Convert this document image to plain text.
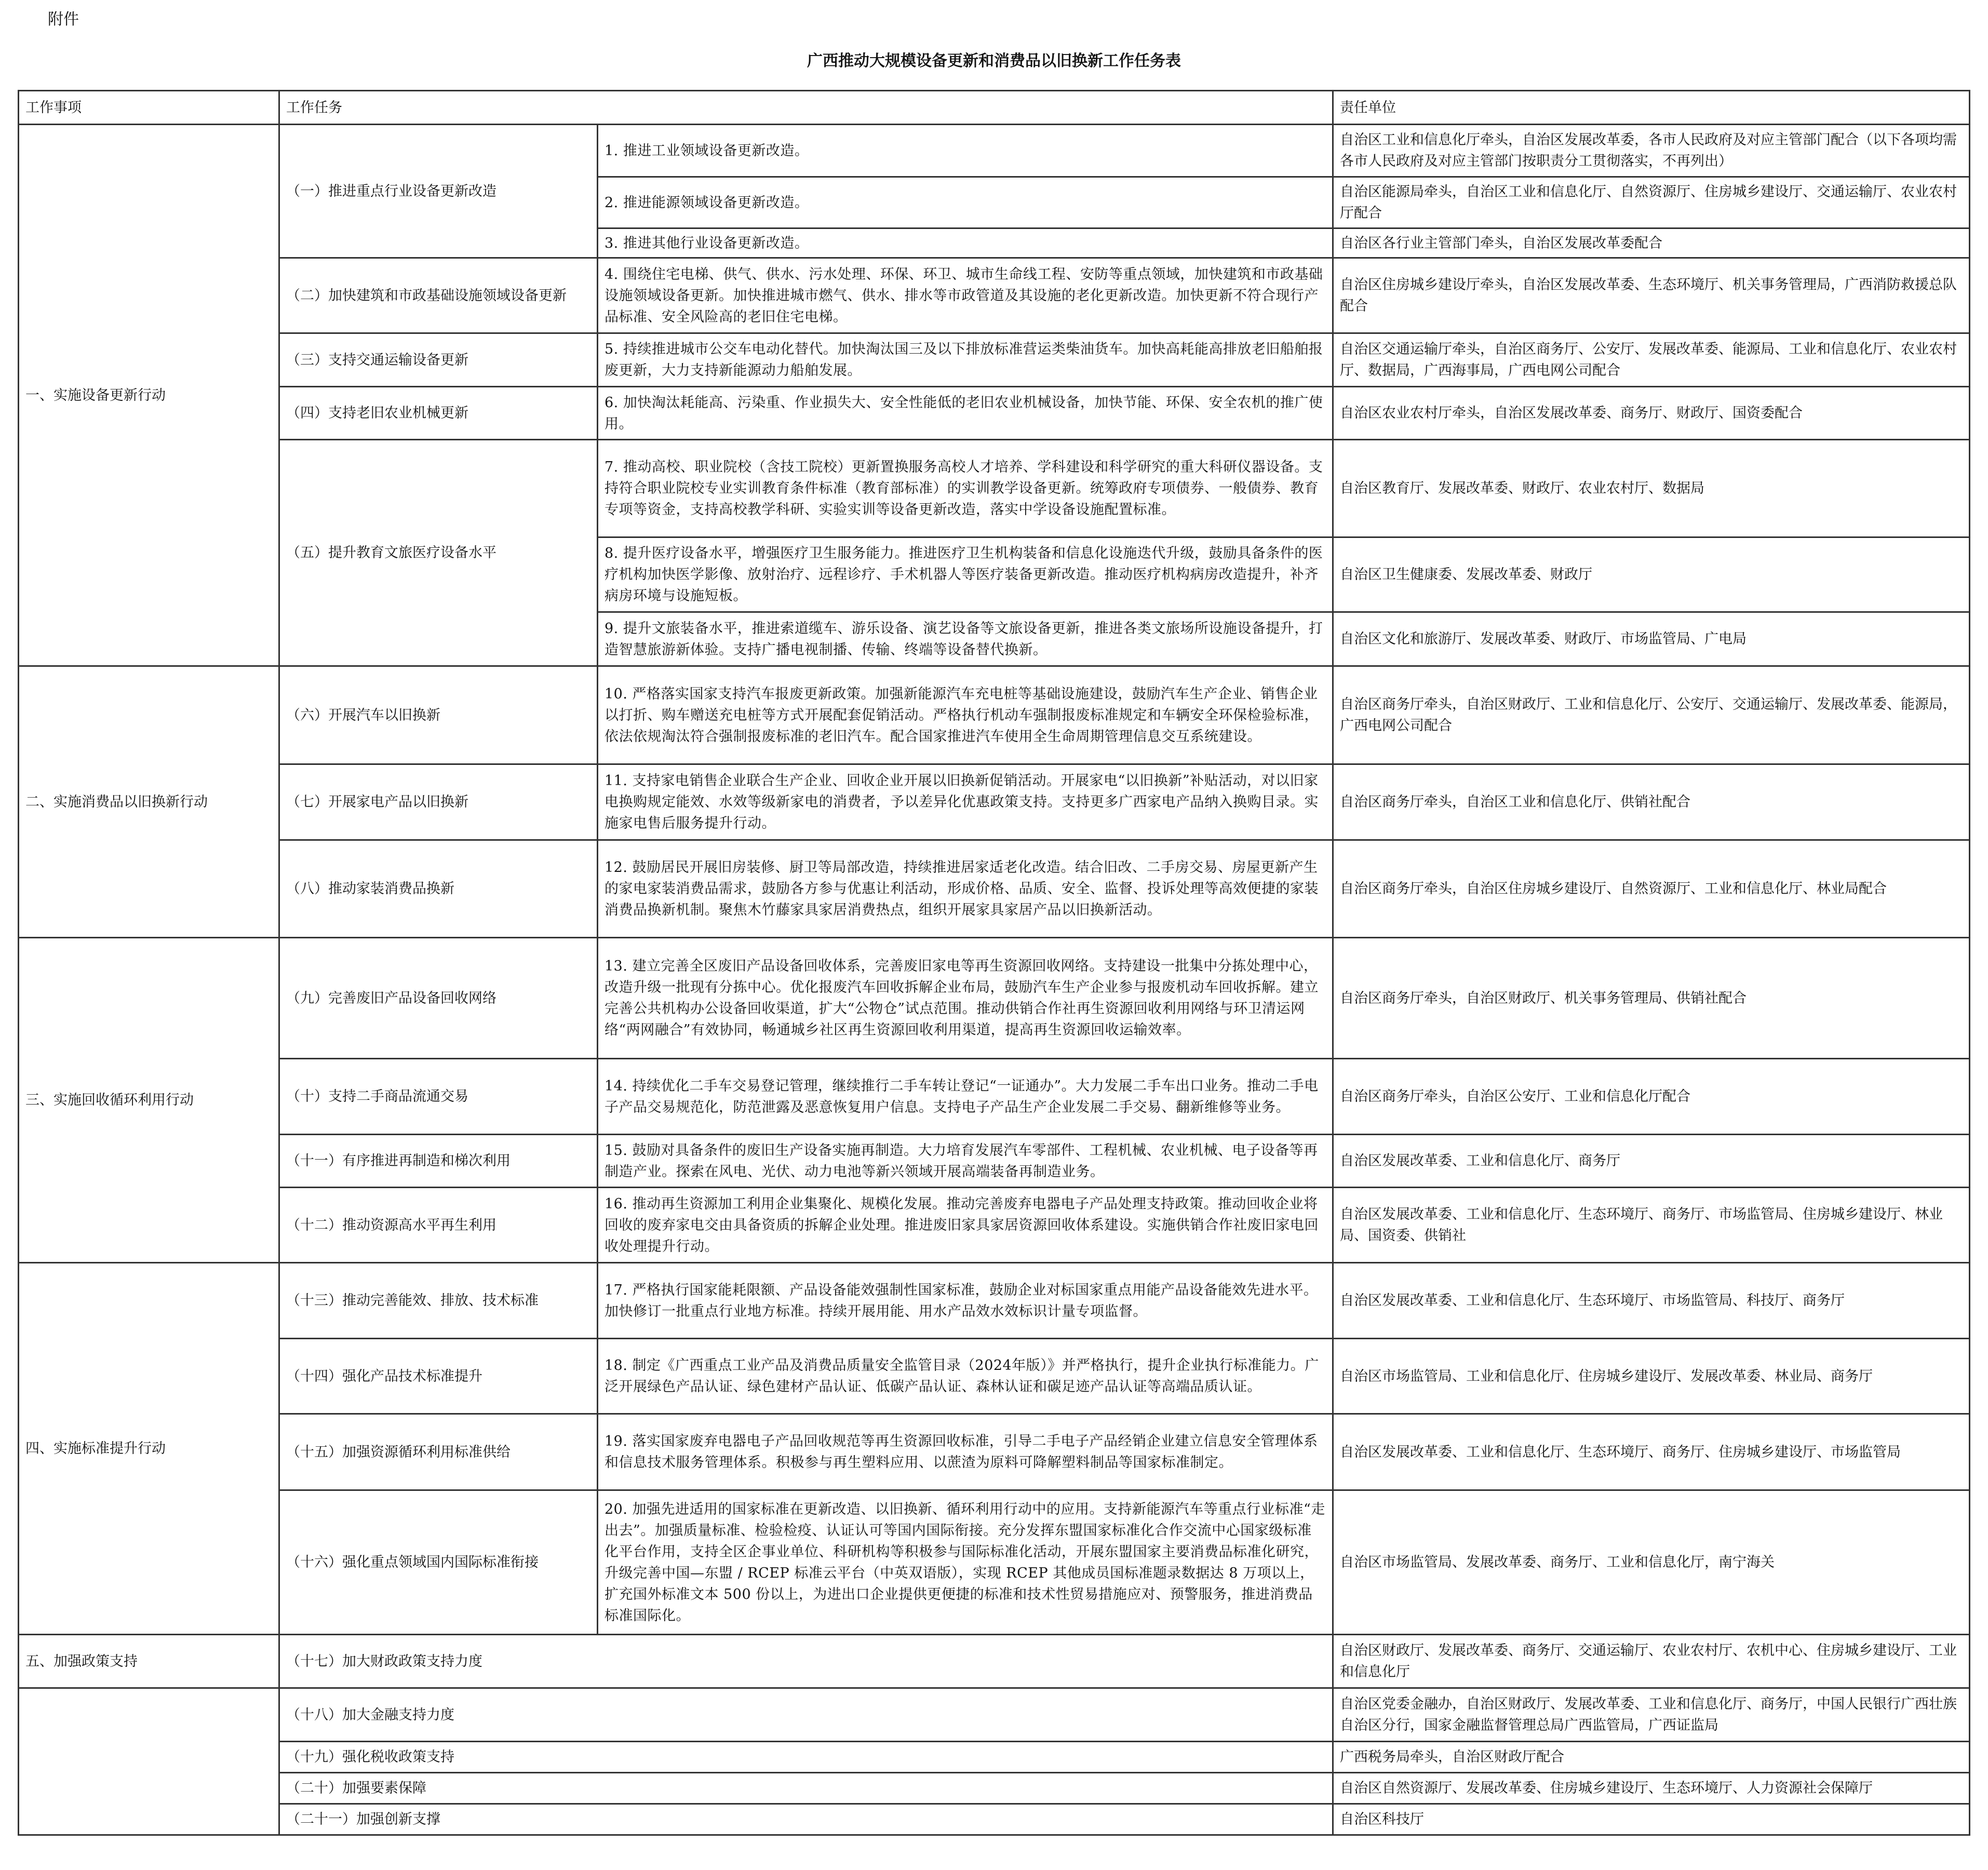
附件
广西推动大规模设备更新和消费品以旧换新工作任务表
工作事项	工作任务		责任单位
一、实施设备更新行动	（一）推进重点行业设备更新改造	1. 推进工业领域设备更新改造。	自治区工业和信息化厅牵头，自治区发展改革委，各市人民政府及对应主管部门配合（以下各项均需各市人民政府及对应主管部门按职责分工贯彻落实，不再列出）
		2. 推进能源领域设备更新改造。	自治区能源局牵头，自治区工业和信息化厅、自然资源厅、住房城乡建设厅、交通运输厅、农业农村厅配合
		3. 推进其他行业设备更新改造。	自治区各行业主管部门牵头，自治区发展改革委配合
	（二）加快建筑和市政基础设施领域设备更新	4. 围绕住宅电梯、供气、供水、污水处理、环保、环卫、城市生命线工程、安防等重点领域，加快建筑和市政基础设施领域设备更新。加快推进城市燃气、供水、排水等市政管道及其设施的老化更新改造。加快更新不符合现行产品标准、安全风险高的老旧住宅电梯。	自治区住房城乡建设厅牵头，自治区发展改革委、生态环境厅、机关事务管理局，广西消防救援总队配合
	（三）支持交通运输设备更新	5. 持续推进城市公交车电动化替代。加快淘汰国三及以下排放标准营运类柴油货车。加快高耗能高排放老旧船舶报废更新，大力支持新能源动力船舶发展。	自治区交通运输厅牵头，自治区商务厅、公安厅、发展改革委、能源局、工业和信息化厅、农业农村厅、数据局，广西海事局，广西电网公司配合
	（四）支持老旧农业机械更新	6. 加快淘汰耗能高、污染重、作业损失大、安全性能低的老旧农业机械设备，加快节能、环保、安全农机的推广使用。	自治区农业农村厅牵头，自治区发展改革委、商务厅、财政厅、国资委配合
	（五）提升教育文旅医疗设备水平	7. 推动高校、职业院校（含技工院校）更新置换服务高校人才培养、学科建设和科学研究的重大科研仪器设备。支持符合职业院校专业实训教育条件标准（教育部标准）的实训教学设备更新。统筹政府专项债券、一般债券、教育专项等资金，支持高校教学科研、实验实训等设备更新改造，落实中学设备设施配置标准。	自治区教育厅、发展改革委、财政厅、农业农村厅、数据局
		8. 提升医疗设备水平，增强医疗卫生服务能力。推进医疗卫生机构装备和信息化设施迭代升级，鼓励具备条件的医疗机构加快医学影像、放射治疗、远程诊疗、手术机器人等医疗装备更新改造。推动医疗机构病房改造提升，补齐病房环境与设施短板。	自治区卫生健康委、发展改革委、财政厅
		9. 提升文旅装备水平，推进索道缆车、游乐设备、演艺设备等文旅设备更新，推进各类文旅场所设施设备提升，打造智慧旅游新体验。支持广播电视制播、传输、终端等设备替代换新。	自治区文化和旅游厅、发展改革委、财政厅、市场监管局、广电局
二、实施消费品以旧换新行动	（六）开展汽车以旧换新	10. 严格落实国家支持汽车报废更新政策。加强新能源汽车充电桩等基础设施建设，鼓励汽车生产企业、销售企业以打折、购车赠送充电桩等方式开展配套促销活动。严格执行机动车强制报废标准规定和车辆安全环保检验标准，依法依规淘汰符合强制报废标准的老旧汽车。配合国家推进汽车使用全生命周期管理信息交互系统建设。	自治区商务厅牵头，自治区财政厅、工业和信息化厅、公安厅、交通运输厅、发展改革委、能源局，广西电网公司配合
	（七）开展家电产品以旧换新	11. 支持家电销售企业联合生产企业、回收企业开展以旧换新促销活动。开展家电“以旧换新”补贴活动，对以旧家电换购规定能效、水效等级新家电的消费者，予以差异化优惠政策支持。支持更多广西家电产品纳入换购目录。实施家电售后服务提升行动。	自治区商务厅牵头，自治区工业和信息化厅、供销社配合
	（八）推动家装消费品换新	12. 鼓励居民开展旧房装修、厨卫等局部改造，持续推进居家适老化改造。结合旧改、二手房交易、房屋更新产生的家电家装消费品需求，鼓励各方参与优惠让利活动，形成价格、品质、安全、监督、投诉处理等高效便捷的家装消费品换新机制。聚焦木竹藤家具家居消费热点，组织开展家具家居产品以旧换新活动。	自治区商务厅牵头，自治区住房城乡建设厅、自然资源厅、工业和信息化厅、林业局配合
三、实施回收循环利用行动	（九）完善废旧产品设备回收网络	13. 建立完善全区废旧产品设备回收体系，完善废旧家电等再生资源回收网络。支持建设一批集中分拣处理中心，改造升级一批现有分拣中心。优化报废汽车回收拆解企业布局，鼓励汽车生产企业参与报废机动车回收拆解。建立完善公共机构办公设备回收渠道，扩大“公物仓”试点范围。推动供销合作社再生资源回收利用网络与环卫清运网络“两网融合”有效协同，畅通城乡社区再生资源回收利用渠道，提高再生资源回收运输效率。	自治区商务厅牵头，自治区财政厅、机关事务管理局、供销社配合
	（十）支持二手商品流通交易	14. 持续优化二手车交易登记管理，继续推行二手车转让登记“一证通办”。大力发展二手车出口业务。推动二手电子产品交易规范化，防范泄露及恶意恢复用户信息。支持电子产品生产企业发展二手交易、翻新维修等业务。	自治区商务厅牵头，自治区公安厅、工业和信息化厅配合
	（十一）有序推进再制造和梯次利用	15. 鼓励对具备条件的废旧生产设备实施再制造。大力培育发展汽车零部件、工程机械、农业机械、电子设备等再制造产业。探索在风电、光伏、动力电池等新兴领域开展高端装备再制造业务。	自治区发展改革委、工业和信息化厅、商务厅
	（十二）推动资源高水平再生利用	16. 推动再生资源加工利用企业集聚化、规模化发展。推动完善废弃电器电子产品处理支持政策。推动回收企业将回收的废弃家电交由具备资质的拆解企业处理。推进废旧家具家居资源回收体系建设。实施供销合作社废旧家电回收处理提升行动。	自治区发展改革委、工业和信息化厅、生态环境厅、商务厅、市场监管局、住房城乡建设厅、林业局、国资委、供销社
四、实施标准提升行动	（十三）推动完善能效、排放、技术标准	17. 严格执行国家能耗限额、产品设备能效强制性国家标准，鼓励企业对标国家重点用能产品设备能效先进水平。加快修订一批重点行业地方标准。持续开展用能、用水产品效水效标识计量专项监督。	自治区发展改革委、工业和信息化厅、生态环境厅、市场监管局、科技厅、商务厅
	（十四）强化产品技术标准提升	18. 制定《广西重点工业产品及消费品质量安全监管目录（2024年版）》并严格执行，提升企业执行标准能力。广泛开展绿色产品认证、绿色建材产品认证、低碳产品认证、森林认证和碳足迹产品认证等高端品质认证。	自治区市场监管局、工业和信息化厅、住房城乡建设厅、发展改革委、林业局、商务厅
	（十五）加强资源循环利用标准供给	19. 落实国家废弃电器电子产品回收规范等再生资源回收标准，引导二手电子产品经销企业建立信息安全管理体系和信息技术服务管理体系。积极参与再生塑料应用、以蔗渣为原料可降解塑料制品等国家标准制定。	自治区发展改革委、工业和信息化厅、生态环境厅、商务厅、住房城乡建设厅、市场监管局
	（十六）强化重点领域国内国际标准衔接	20. 加强先进适用的国家标准在更新改造、以旧换新、循环利用行动中的应用。支持新能源汽车等重点行业标准“走出去”。加强质量标准、检验检疫、认证认可等国内国际衔接。充分发挥东盟国家标准化合作交流中心国家级标准化平台作用，支持全区企事业单位、科研机构等积极参与国际标准化活动，开展东盟国家主要消费品标准化研究，升级完善中国—东盟 / RCEP 标准云平台（中英双语版），实现 RCEP 其他成员国标准题录数据达 8 万项以上，扩充国外标准文本 500 份以上，为进出口企业提供更便捷的标准和技术性贸易措施应对、预警服务，推进消费品标准国际化。	自治区市场监管局、发展改革委、商务厅、工业和信息化厅，南宁海关
五、加强政策支持	（十七）加大财政政策支持力度		自治区财政厅、发展改革委、商务厅、交通运输厅、农业农村厅、农机中心、住房城乡建设厅、工业和信息化厅
	（十八）加大金融支持力度		自治区党委金融办，自治区财政厅、发展改革委、工业和信息化厅、商务厅，中国人民银行广西壮族自治区分行，国家金融监督管理总局广西监管局，广西证监局
	（十九）强化税收政策支持		广西税务局牵头，自治区财政厅配合
	（二十）加强要素保障		自治区自然资源厅、发展改革委、住房城乡建设厅、生态环境厅、人力资源社会保障厅
	（二十一）加强创新支撑		自治区科技厅
